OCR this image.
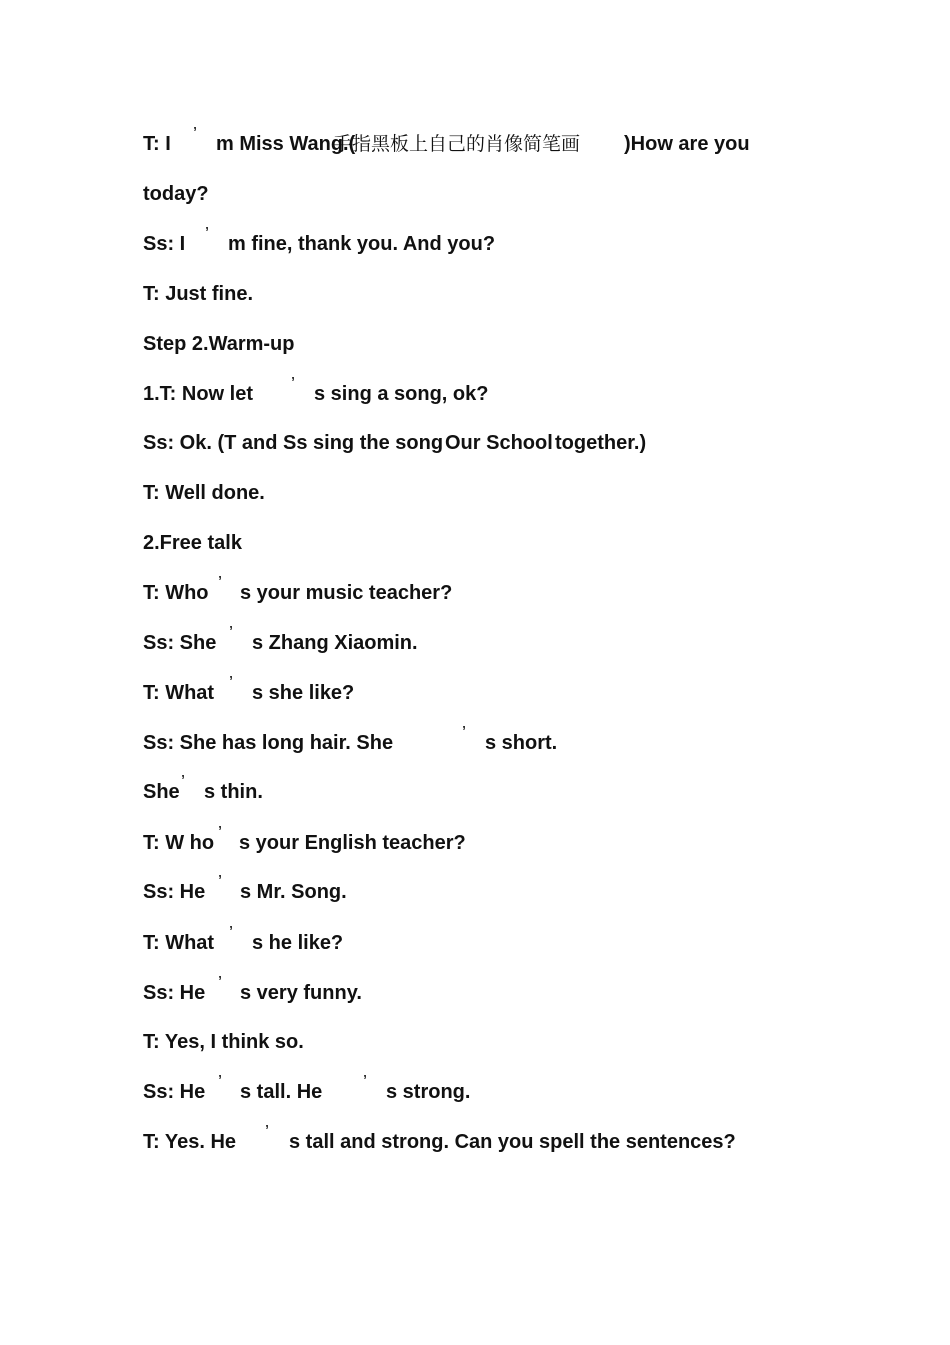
T: I ’ m Miss Wang.(
手指黑板上自己的肖像简笔画 )How are you
today?
Ss: I ’ m fine, thank you. And you?
T: Just fine.
Step 2.Warm-up
1.T: Now let ’ s sing a song, ok?
Ss: Ok. (T and Ss sing the song Our School together.)
T: Well done.
2.Free talk
T: Who ’ s your music teacher?
Ss: She ’ s Zhang Xiaomin.
T: What ’ s she like?
Ss: She has long hair. She	’ s short.
She ’ s thin.
T: W ho ’ s your English teacher?
Ss: He ’ s Mr. Song.
T: What ’ s he like?
Ss: He ’ s very funny.
T: Yes, I think so.
Ss: He ’ s tall. He ’ s strong.
T: Yes. He ’ s tall and strong. Can you spell the sentences?
